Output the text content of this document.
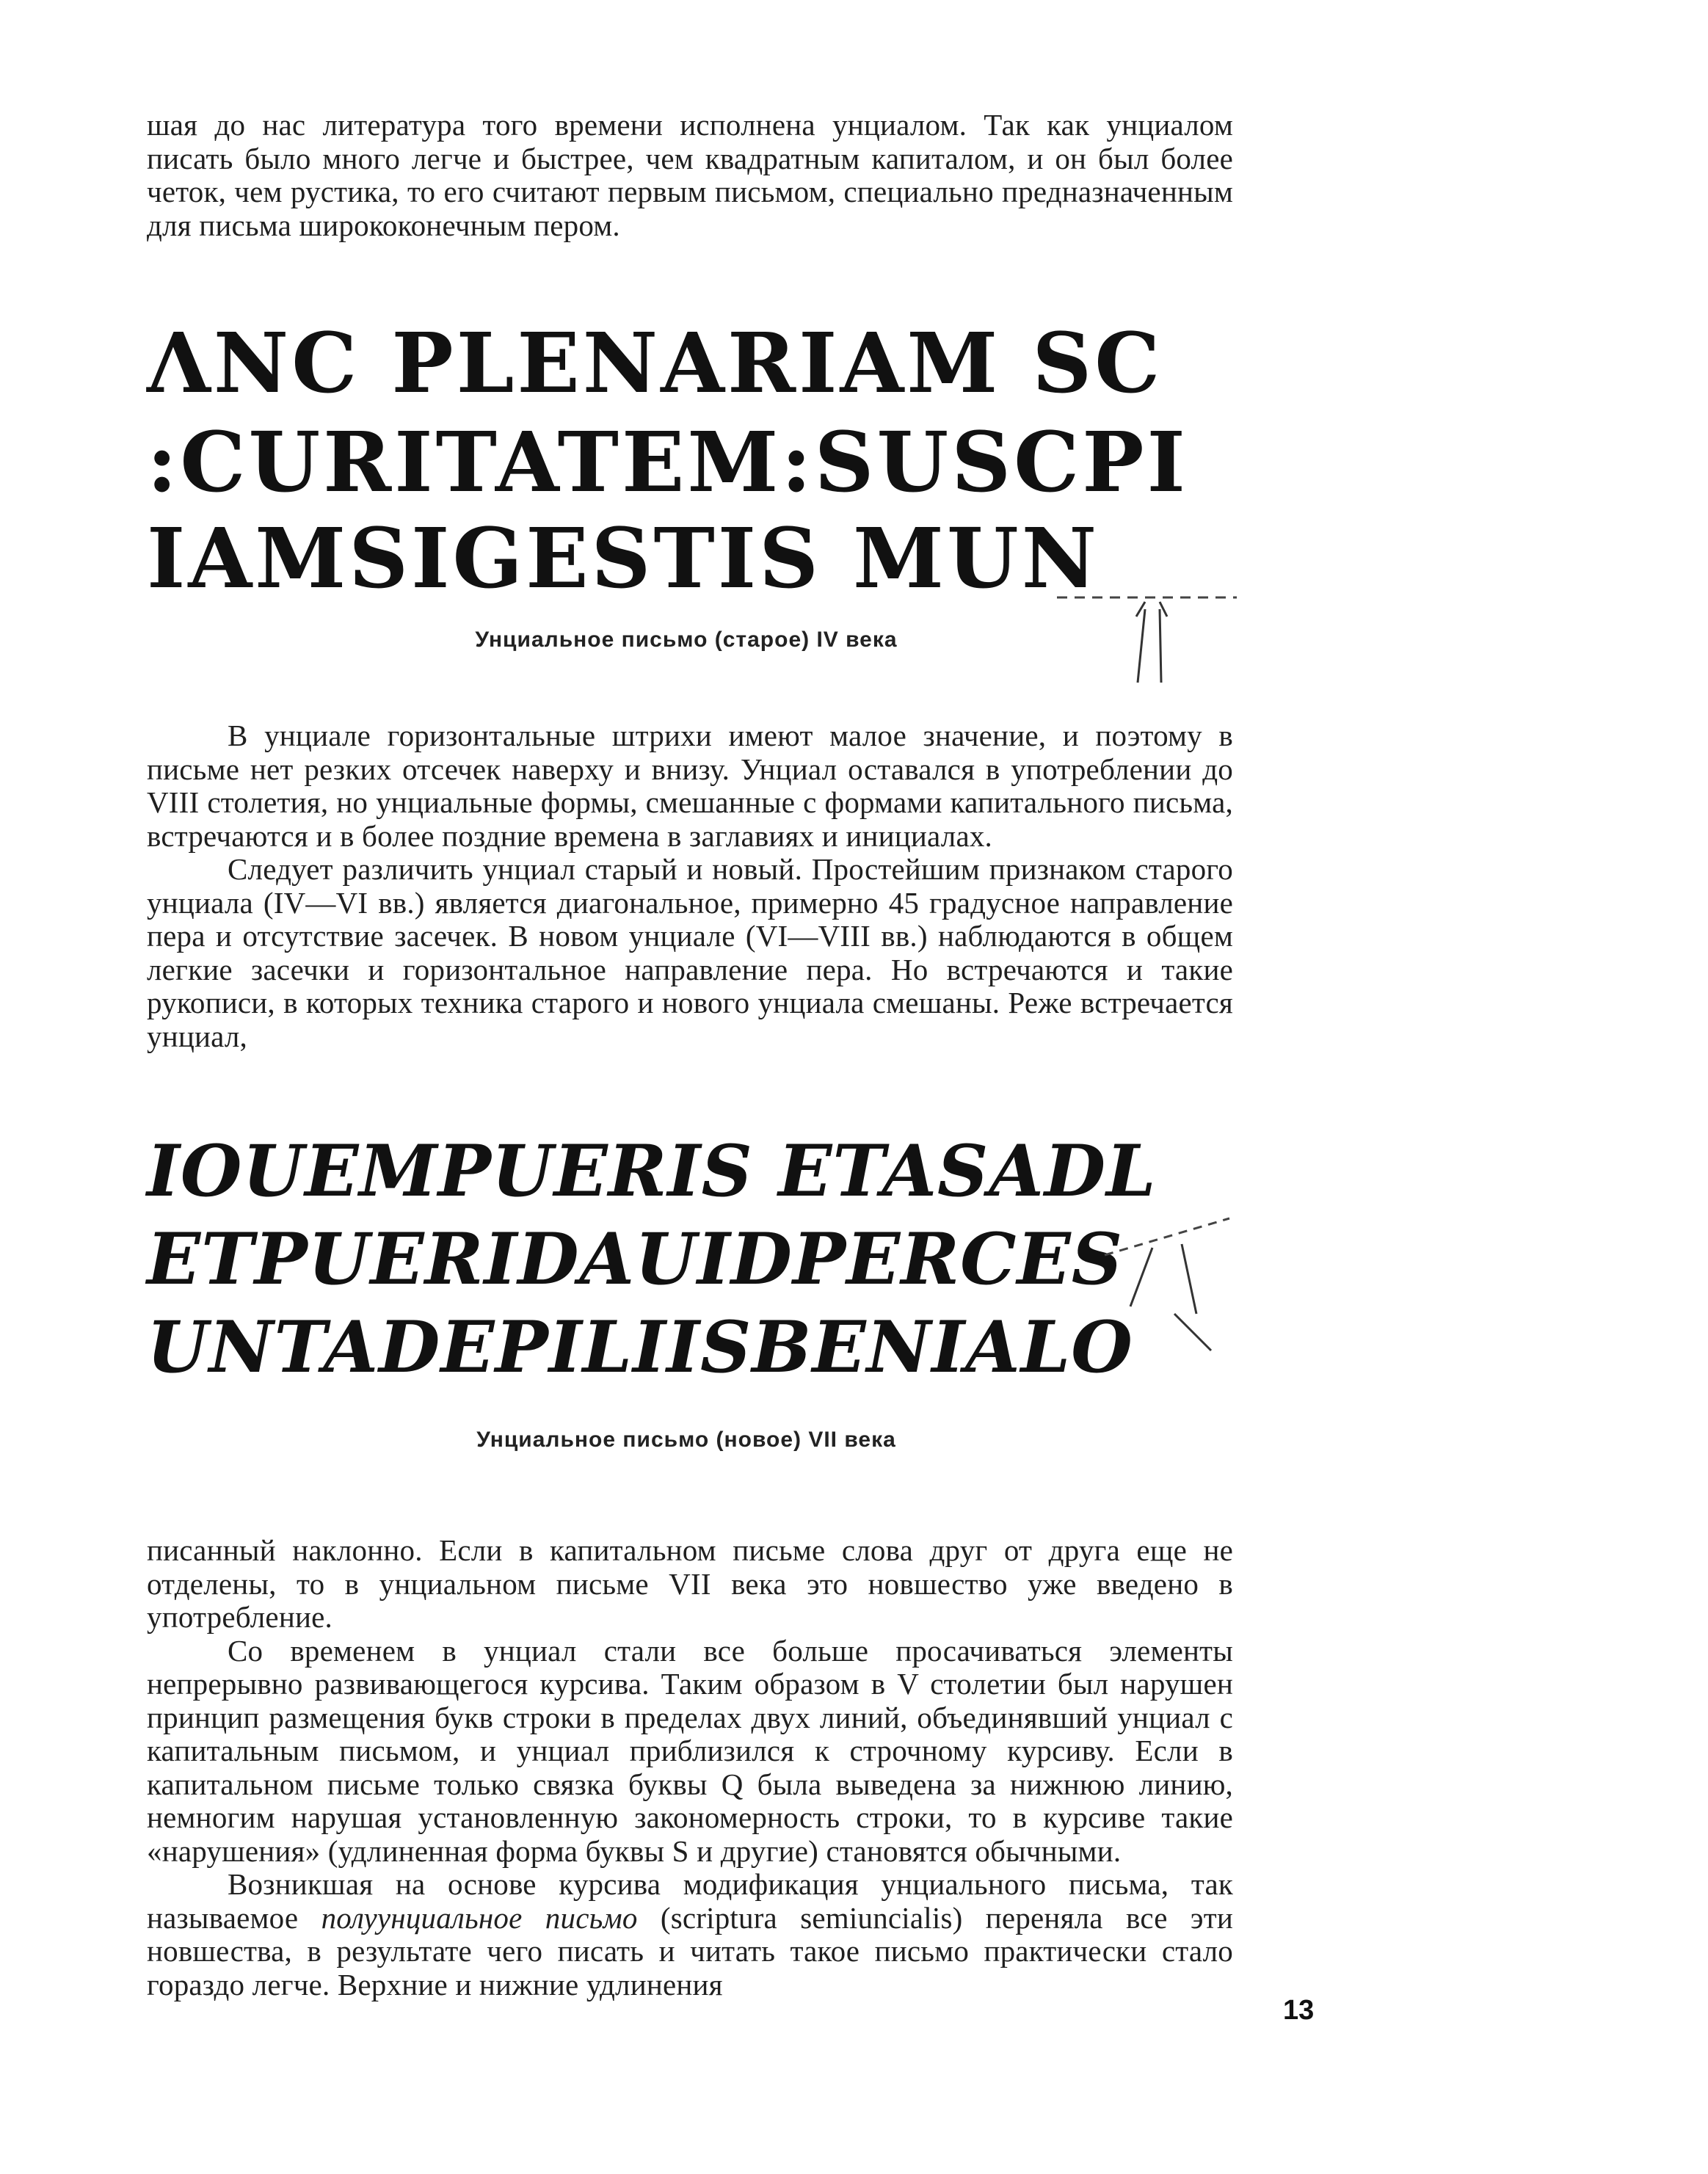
шая до нас литература того времени исполнена унциалом. Так как унциалом писать было много легче и быстрее, чем квадратным капиталом, и он был более четок, чем рустика, то его считают первым письмом, специально предназначенным для письма ширококонечным пером.

ΛNC PLENARIAM SC

:CURITATEM:SUSCPI

IAMSIGESTIS MUN

Унциальное письмо (старое) IV века

В унциале горизонтальные штрихи имеют малое значение, и поэтому в письме нет резких отсечек наверху и внизу. Унциал оставался в употреблении до VIII столетия, но унциальные формы, смешанные с формами капитального письма, встречаются и в более поздние времена в заглавиях и инициалах.

Следует различить унциал старый и новый. Простейшим признаком старого унциала (IV—VI вв.) является диагональное, примерно 45 градусное направление пера и отсутствие засечек. В новом унциале (VI—VIII вв.) наблюдаются в общем легкие засечки и горизонтальное направление пера. Но встречаются и такие рукописи, в которых техника старого и нового унциала смешаны. Реже встречается унциал,

IOUEMPUERIS ETASADL

ETPUERIDAUIDPERCES

UNTADEPILIISBENIALO

Унциальное письмо (новое) VII века

писанный наклонно. Если в капитальном письме слова друг от друга еще не отделены, то в унциальном письме VII века это новшество уже введено в употребление.

Со временем в унциал стали все больше просачиваться элементы непрерывно развивающегося курсива. Таким образом в V столетии был нарушен принцип размещения букв строки в пределах двух линий, объединявший унциал с капитальным письмом, и унциал приблизился к строчному курсиву. Если в капитальном письме только связка буквы Q была выведена за нижнюю линию, немногим нарушая установленную закономерность строки, то в курсиве такие «нарушения» (удлиненная форма буквы S и другие) становятся обычными.

Возникшая на основе курсива модификация унциального письма, так называемое полуунциальное письмо (scriptura semiuncialis) переняла все эти новшества, в результате чего писать и читать такое письмо практически стало гораздо легче. Верхние и нижние удлинения

13
